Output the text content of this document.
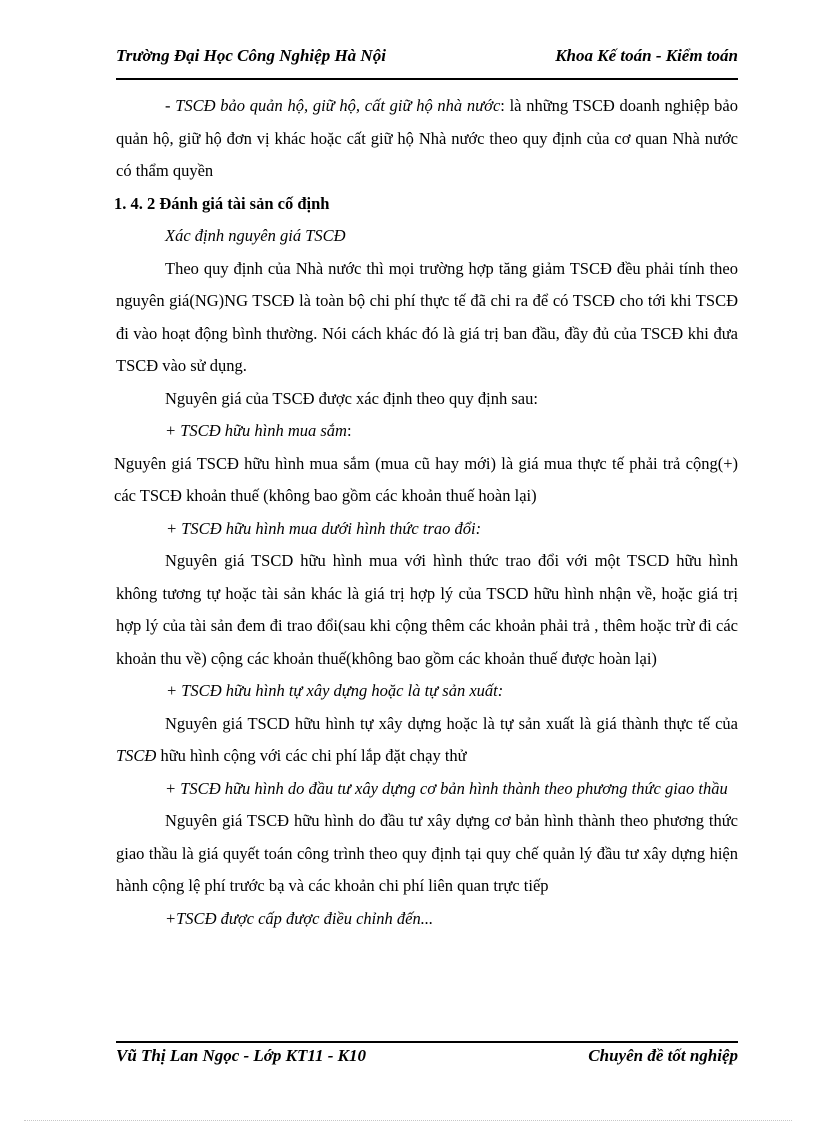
Trường Đại Học Công Nghiệp Hà Nội	Khoa Kế toán - Kiểm toán

- TSCĐ bảo quản hộ, giữ hộ, cất giữ hộ nhà nước: là những TSCĐ doanh nghiệp bảo quản hộ, giữ hộ đơn vị khác hoặc cất giữ hộ Nhà nước theo quy định của cơ quan Nhà nước có thẩm quyền

1. 4. 2 Đánh giá tài sản cố định

Xác định nguyên giá TSCĐ

Theo quy định của Nhà nước thì mọi trường hợp tăng giảm TSCĐ đều phải tính theo nguyên giá(NG)NG TSCĐ là toàn bộ chi phí thực tế đã chi ra để có TSCĐ cho tới khi TSCĐ đi vào hoạt động bình thường. Nói cách khác đó là giá trị ban đầu, đầy đủ của TSCĐ khi đưa TSCĐ vào sử dụng.

Nguyên giá của TSCĐ được xác định theo quy định sau:

+ TSCĐ hữu hình mua sắm:

Nguyên giá TSCĐ hữu hình mua sắm (mua cũ hay mới) là giá mua thực tế phải trả cộng(+) các TSCĐ khoản thuế (không bao gồm các khoản thuế hoàn lại)

+ TSCĐ hữu hình mua dưới hình thức trao đổi:

Nguyên giá TSCD hữu hình mua với hình thức trao đổi với một TSCD hữu hình không tương tự hoặc tài sản khác là giá trị hợp lý của TSCD hữu hình nhận về, hoặc giá trị hợp lý của tài sản đem đi trao đổi(sau khi cộng thêm các khoản phải trả , thêm hoặc trừ đi các khoản thu về) cộng các khoản thuế(không bao gồm các khoản thuế được hoàn lại)

+ TSCĐ hữu hình tự xây dựng hoặc là tự sản xuất:

Nguyên giá TSCD hữu hình tự xây dựng hoặc là tự sản xuất là giá thành thực tế của TSCĐ hữu hình cộng với các chi phí lắp đặt chạy thử

+ TSCĐ hữu hình do đầu tư xây dựng cơ bản hình thành theo phương thức giao thầu

Nguyên giá TSCĐ hữu hình do đầu tư xây dựng cơ bản hình thành theo phương thức giao thầu là giá quyết toán công trình theo quy định tại quy chế quản lý đầu tư xây dựng hiện hành cộng lệ phí trước bạ và các khoản chi phí liên quan trực tiếp

+TSCĐ được cấp được điều chỉnh đến...

Vũ Thị Lan Ngọc - Lớp KT11 - K10	Chuyên đề tốt nghiệp
